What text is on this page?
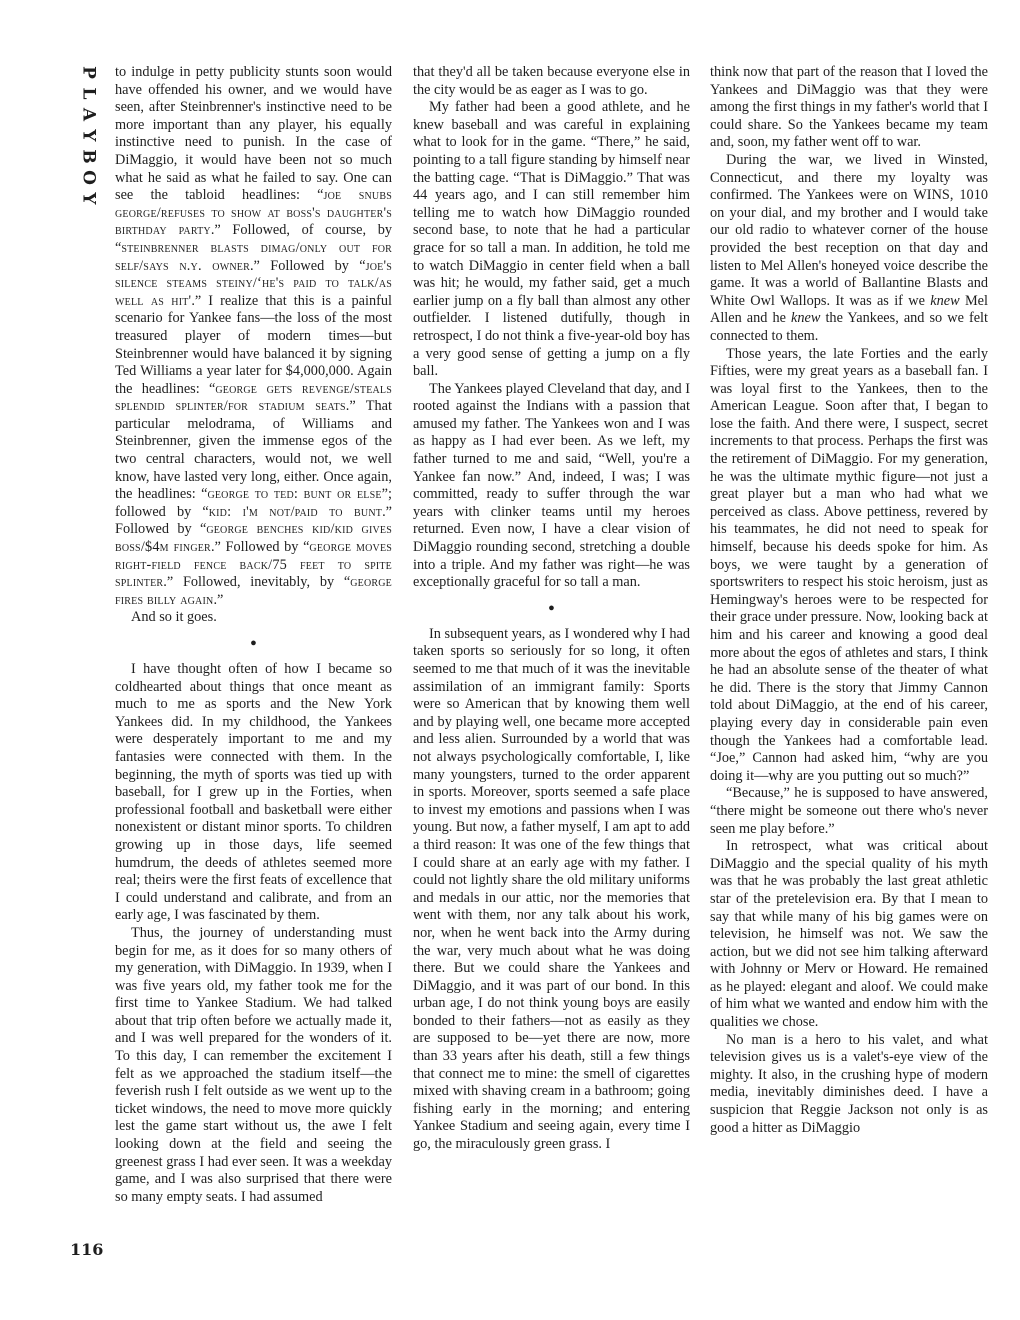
P
L
A
Y
B
O
Y
116

to indulge in petty publicity stunts soon would have offended his owner, and we would have seen, after Steinbrenner's instinctive need to be more important than any player, his equally instinctive need to punish. In the case of DiMaggio, it would have been not so much what he said as what he failed to say. One can see the tabloid headlines: “joe snubs george/refuses to show at boss's daughter's birthday party.” Followed, of course, by “steinbrenner blasts dimag/only out for self/says n.y. owner.” Followed by “joe's silence steams steiny/‘he's paid to talk/as well as hit'.” I realize that this is a painful scenario for Yankee fans—the loss of the most treasured player of modern times—but Steinbrenner would have balanced it by signing Ted Williams a year later for $4,000,000. Again the headlines: “george gets revenge/steals splendid splinter/for stadium seats.” That particular melodrama, of Williams and Steinbrenner, given the immense egos of the two central characters, would not, we well know, have lasted very long, either. Once again, the headlines: “george to ted: bunt or else”; followed by “kid: i'm not/paid to bunt.” Followed by “george benches kid/kid gives boss/$4m finger.” Followed by “george moves right-field fence back/75 feet to spite splinter.” Followed, inevitably, by “george fires billy again.”

And so it goes.

●

I have thought often of how I became so coldhearted about things that once meant as much to me as sports and the New York Yankees did. In my childhood, the Yankees were desperately important to me and my fantasies were connected with them. In the beginning, the myth of sports was tied up with baseball, for I grew up in the Forties, when professional football and basketball were either nonexistent or distant minor sports. To children growing up in those days, life seemed humdrum, the deeds of athletes seemed more real; theirs were the first feats of excellence that I could understand and calibrate, and from an early age, I was fascinated by them.

Thus, the journey of understanding must begin for me, as it does for so many others of my generation, with DiMaggio. In 1939, when I was five years old, my father took me for the first time to Yankee Stadium. We had talked about that trip often before we actually made it, and I was well prepared for the wonders of it. To this day, I can remember the excitement I felt as we approached the stadium itself—the feverish rush I felt outside as we went up to the ticket windows, the need to move more quickly lest the game start without us, the awe I felt looking down at the field and seeing the greenest grass I had ever seen. It was a weekday game, and I was also surprised that there were so many empty seats. I had assumed

that they'd all be taken because everyone else in the city would be as eager as I was to go.

My father had been a good athlete, and he knew baseball and was careful in explaining what to look for in the game. “There,” he said, pointing to a tall figure standing by himself near the batting cage. “That is DiMaggio.” That was 44 years ago, and I can still remember him telling me to watch how DiMaggio rounded second base, to note that he had a particular grace for so tall a man. In addition, he told me to watch DiMaggio in center field when a ball was hit; he would, my father said, get a much earlier jump on a fly ball than almost any other outfielder. I listened dutifully, though in retrospect, I do not think a five-year-old boy has a very good sense of getting a jump on a fly ball.

The Yankees played Cleveland that day, and I rooted against the Indians with a passion that amused my father. The Yankees won and I was as happy as I had ever been. As we left, my father turned to me and said, “Well, you're a Yankee fan now.” And, indeed, I was; I was committed, ready to suffer through the war years with clinker teams until my heroes returned. Even now, I have a clear vision of DiMaggio rounding second, stretching a double into a triple. And my father was right—he was exceptionally graceful for so tall a man.

●

In subsequent years, as I wondered why I had taken sports so seriously for so long, it often seemed to me that much of it was the inevitable assimilation of an immigrant family: Sports were so American that by knowing them well and by playing well, one became more accepted and less alien. Surrounded by a world that was not always psychologically comfortable, I, like many youngsters, turned to the order apparent in sports. Moreover, sports seemed a safe place to invest my emotions and passions when I was young. But now, a father myself, I am apt to add a third reason: It was one of the few things that I could share at an early age with my father. I could not lightly share the old military uniforms and medals in our attic, nor the memories that went with them, nor any talk about his work, nor, when he went back into the Army during the war, very much about what he was doing there. But we could share the Yankees and DiMaggio, and it was part of our bond. In this urban age, I do not think young boys are easily bonded to their fathers—not as easily as they are supposed to be—yet there are now, more than 33 years after his death, still a few things that connect me to mine: the smell of cigarettes mixed with shaving cream in a bathroom; going fishing early in the morning; and entering Yankee Stadium and seeing again, every time I go, the miraculously green grass. I

think now that part of the reason that I loved the Yankees and DiMaggio was that they were among the first things in my father's world that I could share. So the Yankees became my team and, soon, my father went off to war.

During the war, we lived in Winsted, Connecticut, and there my loyalty was confirmed. The Yankees were on WINS, 1010 on your dial, and my brother and I would take our old radio to whatever corner of the house provided the best reception on that day and listen to Mel Allen's honeyed voice describe the game. It was a world of Ballantine Blasts and White Owl Wallops. It was as if we knew Mel Allen and he knew the Yankees, and so we felt connected to them.

Those years, the late Forties and the early Fifties, were my great years as a baseball fan. I was loyal first to the Yankees, then to the American League. Soon after that, I began to lose the faith. And there were, I suspect, secret increments to that process. Perhaps the first was the retirement of DiMaggio. For my generation, he was the ultimate mythic figure—not just a great player but a man who had what we perceived as class. Above pettiness, revered by his teammates, he did not need to speak for himself, because his deeds spoke for him. As boys, we were taught by a generation of sportswriters to respect his stoic heroism, just as Hemingway's heroes were to be respected for their grace under pressure. Now, looking back at him and his career and knowing a good deal more about the egos of athletes and stars, I think he had an absolute sense of the theater of what he did. There is the story that Jimmy Cannon told about DiMaggio, at the end of his career, playing every day in considerable pain even though the Yankees had a comfortable lead. “Joe,” Cannon had asked him, “why are you doing it—why are you putting out so much?”

“Because,” he is supposed to have answered, “there might be someone out there who's never seen me play before.”

In retrospect, what was critical about DiMaggio and the special quality of his myth was that he was probably the last great athletic star of the pretelevision era. By that I mean to say that while many of his big games were on television, he himself was not. We saw the action, but we did not see him talking afterward with Johnny or Merv or Howard. He remained as he played: elegant and aloof. We could make of him what we wanted and endow him with the qualities we chose.

No man is a hero to his valet, and what television gives us is a valet's-eye view of the mighty. It also, in the crushing hype of modern media, inevitably diminishes deed. I have a suspicion that Reggie Jackson not only is as good a hitter as DiMaggio
